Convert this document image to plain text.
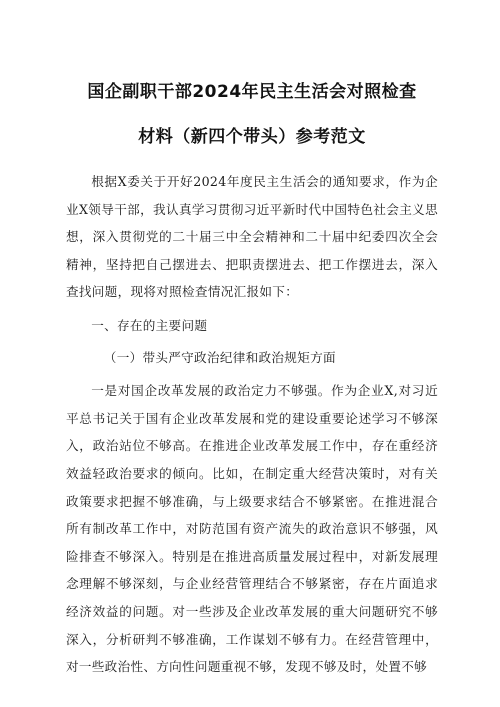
国企副职干部2024年民主生活会对照检查
材料（新四个带头）参考范文

根据X委关于开好2024年度民主生活会的通知要求，作为企业X领导干部，我认真学习贯彻习近平新时代中国特色社会主义思想，深入贯彻党的二十届三中全会精神和二十届中纪委四次全会精神，坚持把自己摆进去、把职责摆进去、把工作摆进去，深入查找问题，现将对照检查情况汇报如下：

一、存在的主要问题

（一）带头严守政治纪律和政治规矩方面

一是对国企改革发展的政治定力不够强。作为企业X,对习近平总书记关于国有企业改革发展和党的建设重要论述学习不够深入，政治站位不够高。在推进企业改革发展工作中，存在重经济效益轻政治要求的倾向。比如，在制定重大经营决策时，对有关政策要求把握不够准确，与上级要求结合不够紧密。在推进混合所有制改革工作中，对防范国有资产流失的政治意识不够强，风险排查不够深入。特别是在推进高质量发展过程中，对新发展理念理解不够深刻，与企业经营管理结合不够紧密，存在片面追求经济效益的问题。对一些涉及企业改革发展的重大问题研究不够深入，分析研判不够准确，工作谋划不够有力。在经营管理中，对一些政治性、方向性问题重视不够，发现不够及时，处置不够
